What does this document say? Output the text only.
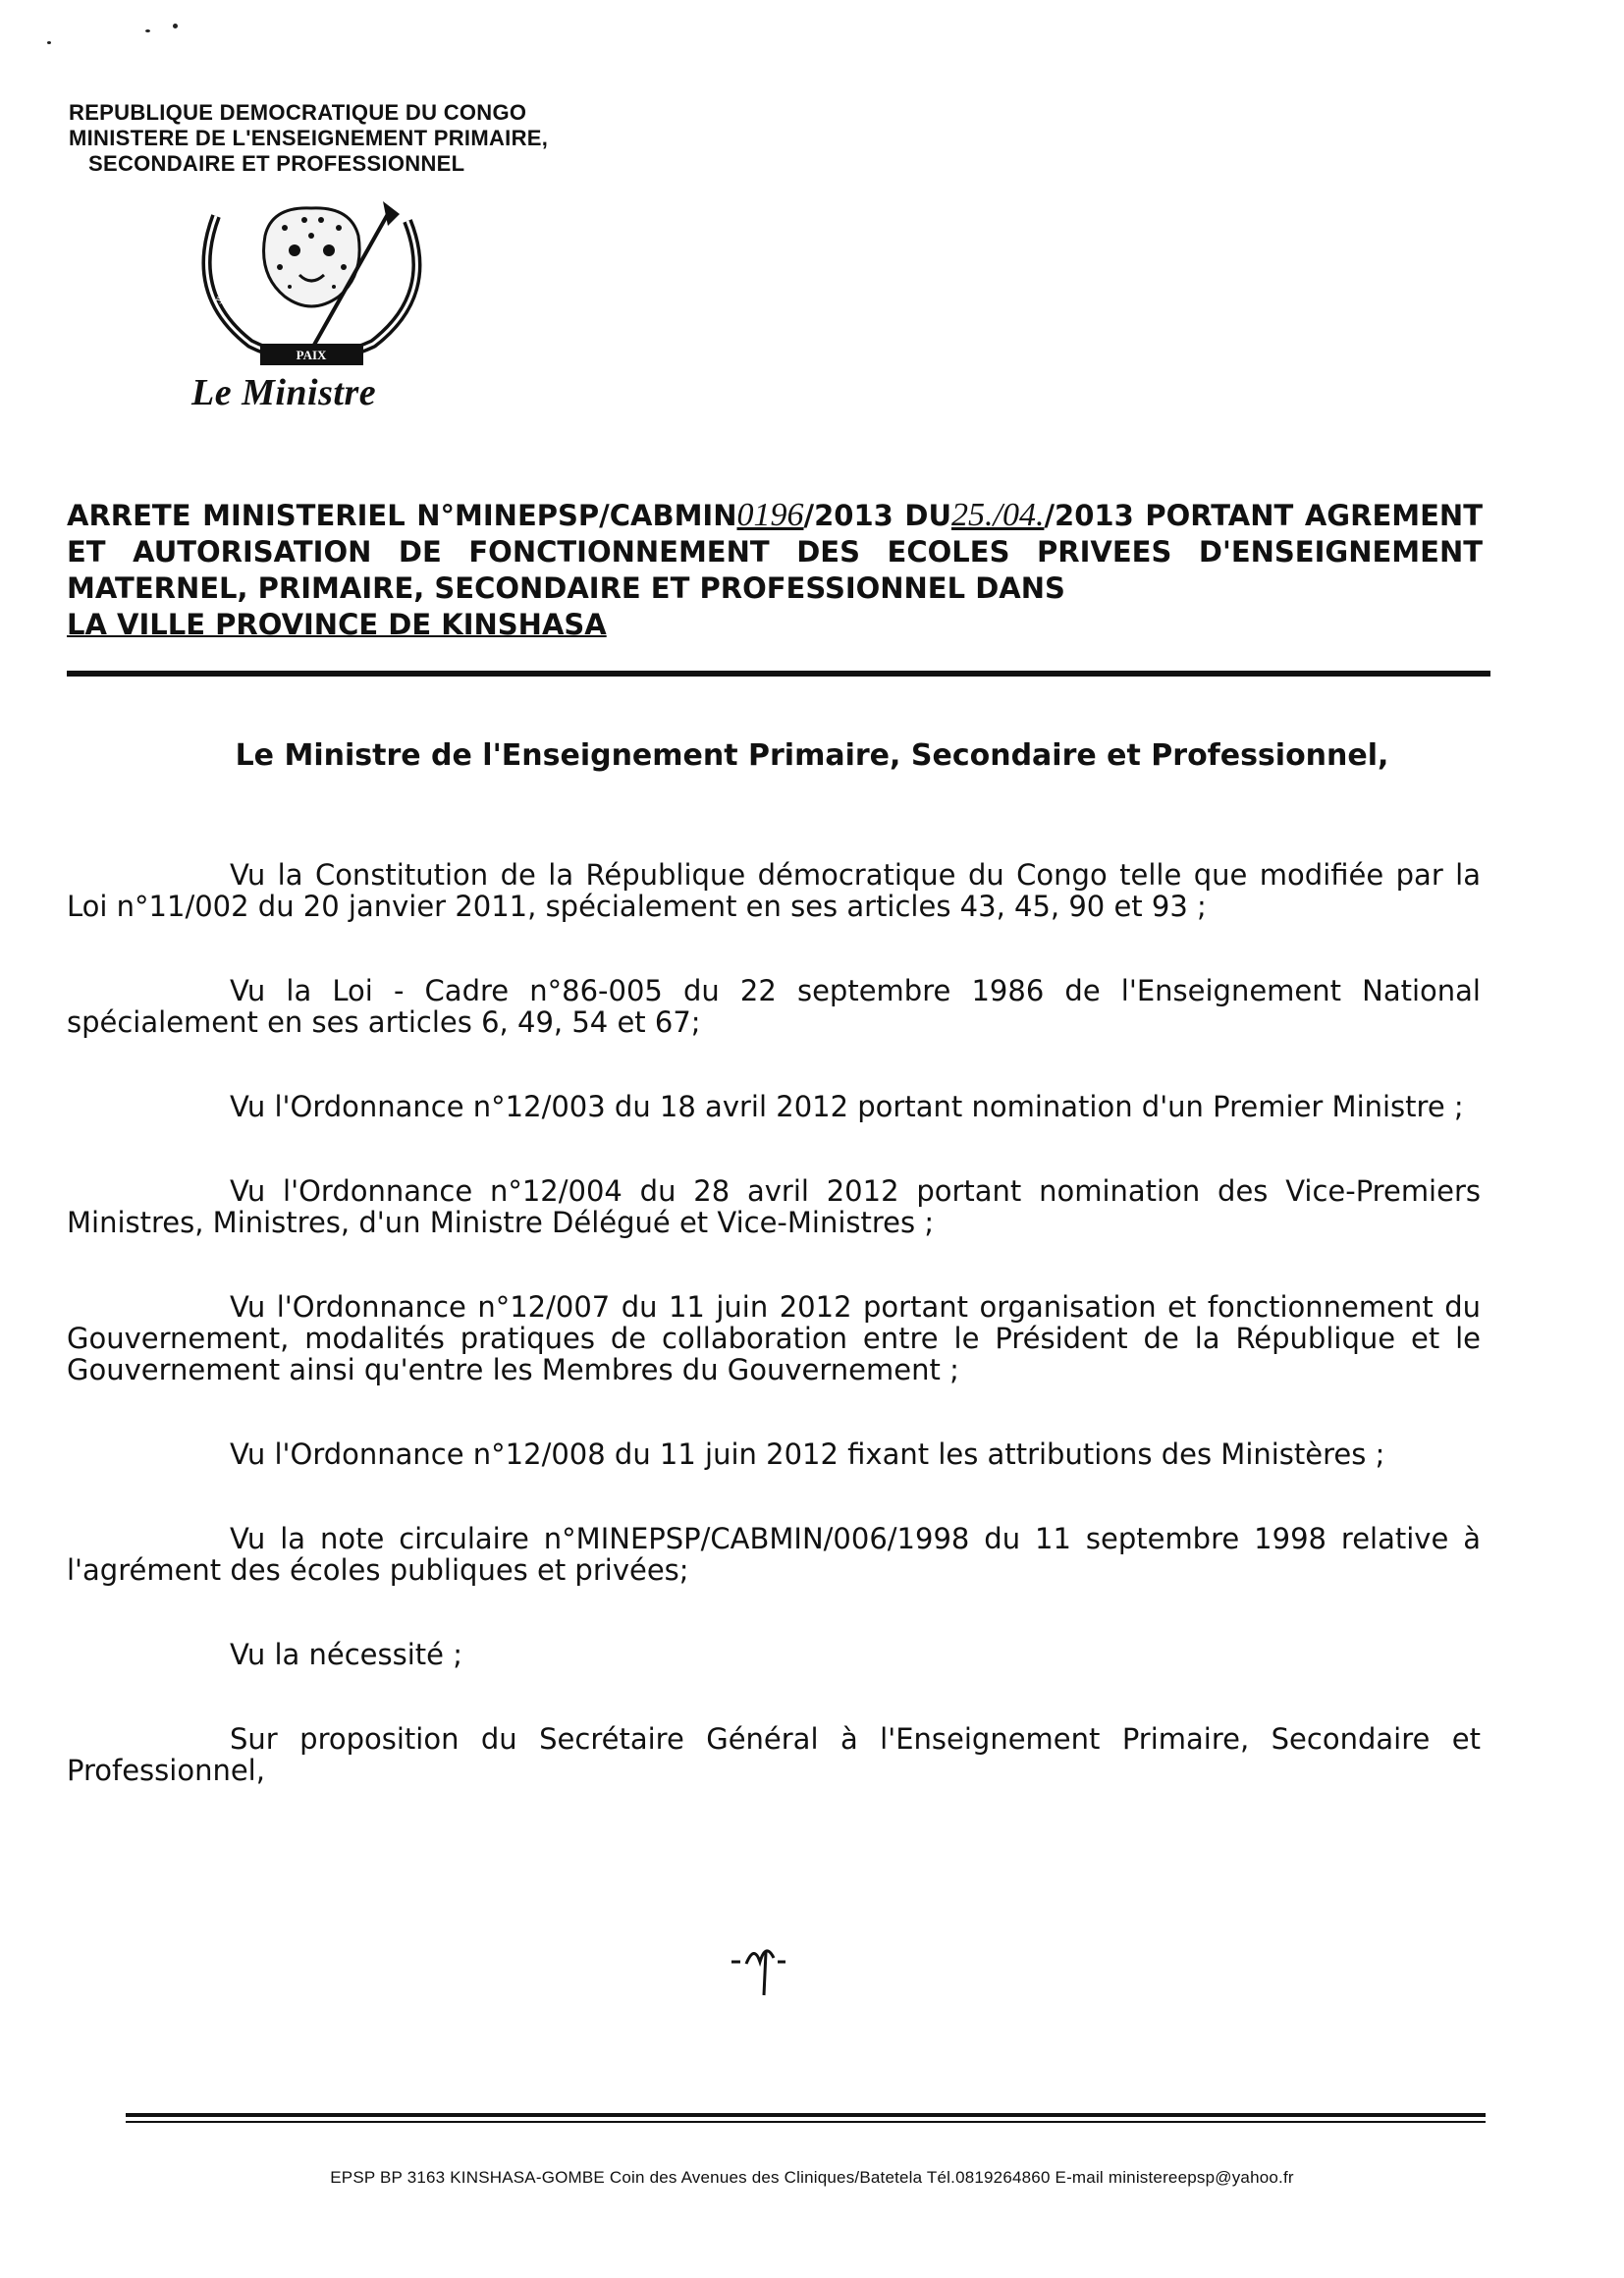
REPUBLIQUE DEMOCRATIQUE DU CONGO
MINISTERE DE L'ENSEIGNEMENT PRIMAIRE,
SECONDAIRE ET PROFESSIONNEL
PAIX
JUSTICE	TRAVAIL
Le Ministre
ARRETE MINISTERIEL N°MINEPSP/CABMIN0196/2013 DU25./04./2013 PORTANT AGREMENT ET AUTORISATION DE FONCTIONNEMENT DES ECOLES PRIVEES D'ENSEIGNEMENT MATERNEL, PRIMAIRE, SECONDAIRE ET PROFESSIONNEL DANS
LA VILLE PROVINCE DE KINSHASA
Le Ministre de l'Enseignement Primaire, Secondaire et Professionnel,

Vu la Constitution de la République démocratique du Congo telle que modifiée par la Loi n°11/002 du 20 janvier 2011, spécialement en ses articles 43, 45, 90 et 93 ;

Vu la Loi - Cadre n°86-005 du 22 septembre 1986 de l'Enseignement National spécialement en ses articles 6, 49, 54 et 67;

Vu l'Ordonnance n°12/003 du 18 avril 2012 portant nomination d'un Premier Ministre ;

Vu l'Ordonnance n°12/004 du 28 avril 2012 portant nomination des Vice-Premiers Ministres, Ministres, d'un Ministre Délégué et Vice-Ministres ;

Vu l'Ordonnance n°12/007 du 11 juin 2012 portant organisation et fonctionnement du Gouvernement, modalités pratiques de collaboration entre le Président de la République et le Gouvernement ainsi qu'entre les Membres du Gouvernement ;

Vu l'Ordonnance n°12/008 du 11 juin 2012 fixant les attributions des Ministères ;

Vu la note circulaire n°MINEPSP/CABMIN/006/1998 du 11 septembre 1998 relative à l'agrément des écoles publiques et privées;

Vu la nécessité ;

Sur proposition du Secrétaire Général à l'Enseignement Primaire, Secondaire et Professionnel,

EPSP BP 3163 KINSHASA-GOMBE Coin des Avenues des Cliniques/Batetela Tél.0819264860 E-mail ministereepsp@yahoo.fr
